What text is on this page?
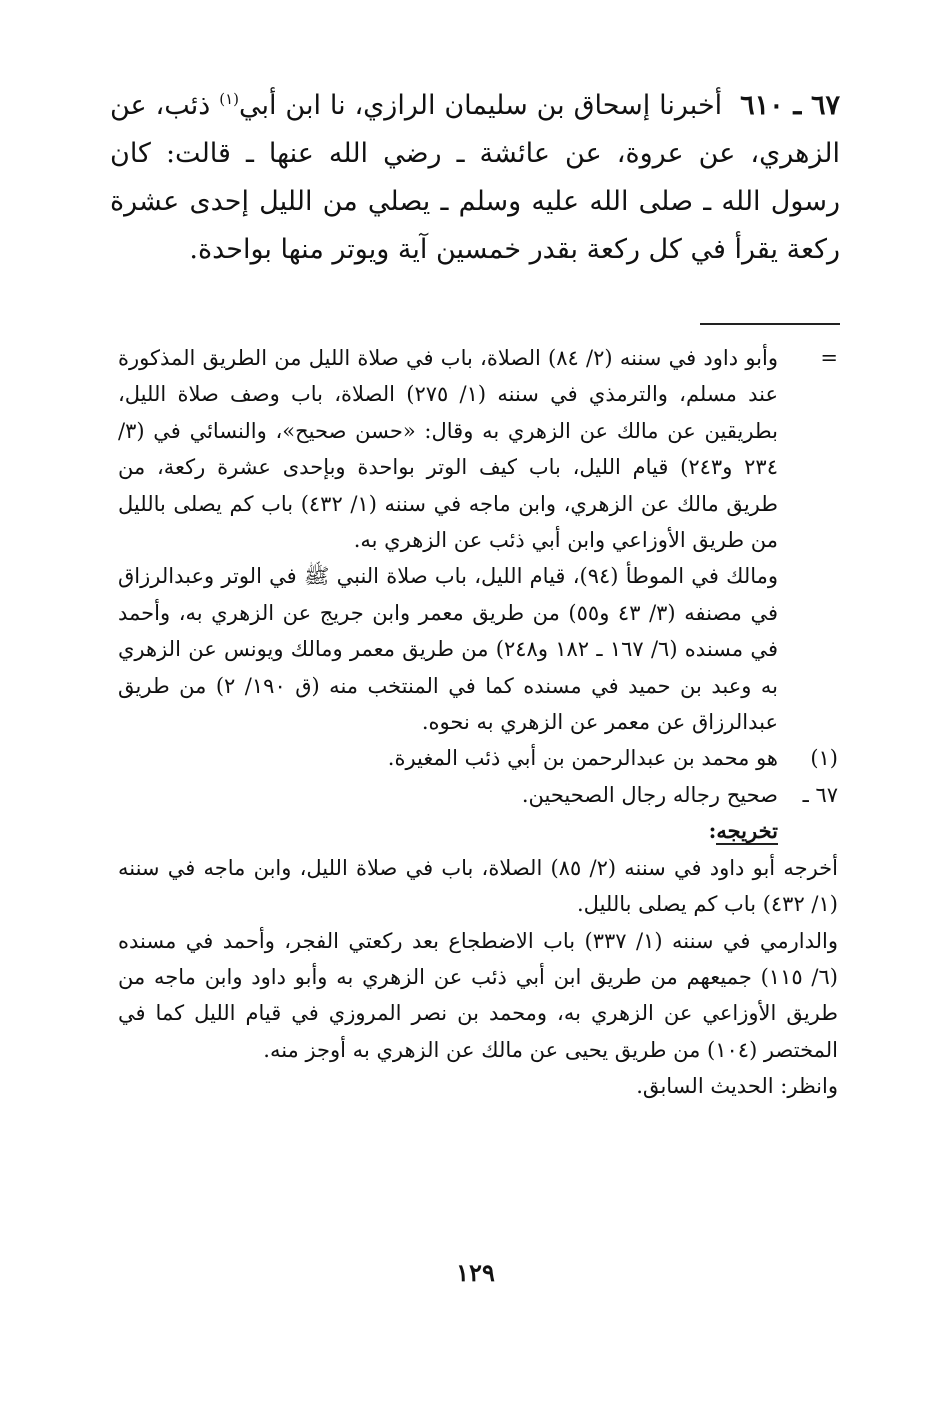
٦٧ ـ ٦١٠أخبرنا إسحاق بن سليمان الرازي، نا ابن أبي$^{(١)}$ ذئب، عن الزهري، عن عروة، عن عائشة ـ رضي الله عنها ـ قالت: كان رسول الله ـ صلى الله عليه وسلم ـ يصلي من الليل إحدى عشرة ركعة يقرأ في كل ركعة بقدر خمسين آية ويوتر منها بواحدة.

=
وأبو داود في سننه (٢/ ٨٤) الصلاة، باب في صلاة الليل من الطريق المذكورة عند مسلم، والترمذي في سننه (١/ ٢٧٥) الصلاة، باب وصف صلاة الليل، بطريقين عن مالك عن الزهري به وقال: «حسن صحيح»، والنسائي في (٣/ ٢٣٤ و٢٤٣) قيام الليل، باب كيف الوتر بواحدة وبإحدى عشرة ركعة، من طريق مالك عن الزهري، وابن ماجه في سننه (١/ ٤٣٢) باب كم يصلى بالليل من طريق الأوزاعي وابن أبي ذئب عن الزهري به.

ومالك في الموطأ (٩٤)، قيام الليل، باب صلاة النبي ﷺ في الوتر وعبدالرزاق في مصنفه (٣/ ٤٣ و٥٥) من طريق معمر وابن جريج عن الزهري به، وأحمد في مسنده (٦/ ١٦٧ ـ ١٨٢ و٢٤٨) من طريق معمر ومالك ويونس عن الزهري به وعبد بن حميد في مسنده كما في المنتخب منه (ق ١٩٠/ ٢) من طريق عبدالرزاق عن معمر عن الزهري به نحوه.

(١)
هو محمد بن عبدالرحمن بن أبي ذئب المغيرة.

٦٧ ـ
صحيح رجاله رجال الصحيحين.

تخريجه:

أخرجه أبو داود في سننه (٢/ ٨٥) الصلاة، باب في صلاة الليل، وابن ماجه في سننه (١/ ٤٣٢) باب كم يصلى بالليل.

والدارمي في سننه (١/ ٣٣٧) باب الاضطجاع بعد ركعتي الفجر، وأحمد في مسنده (٦/ ١١٥) جميعهم من طريق ابن أبي ذئب عن الزهري به وأبو داود وابن ماجه من طريق الأوزاعي عن الزهري به، ومحمد بن نصر المروزي في قيام الليل كما في المختصر (١٠٤) من طريق يحيى عن مالك عن الزهري به أوجز منه.

وانظر: الحديث السابق.

١٢٩
